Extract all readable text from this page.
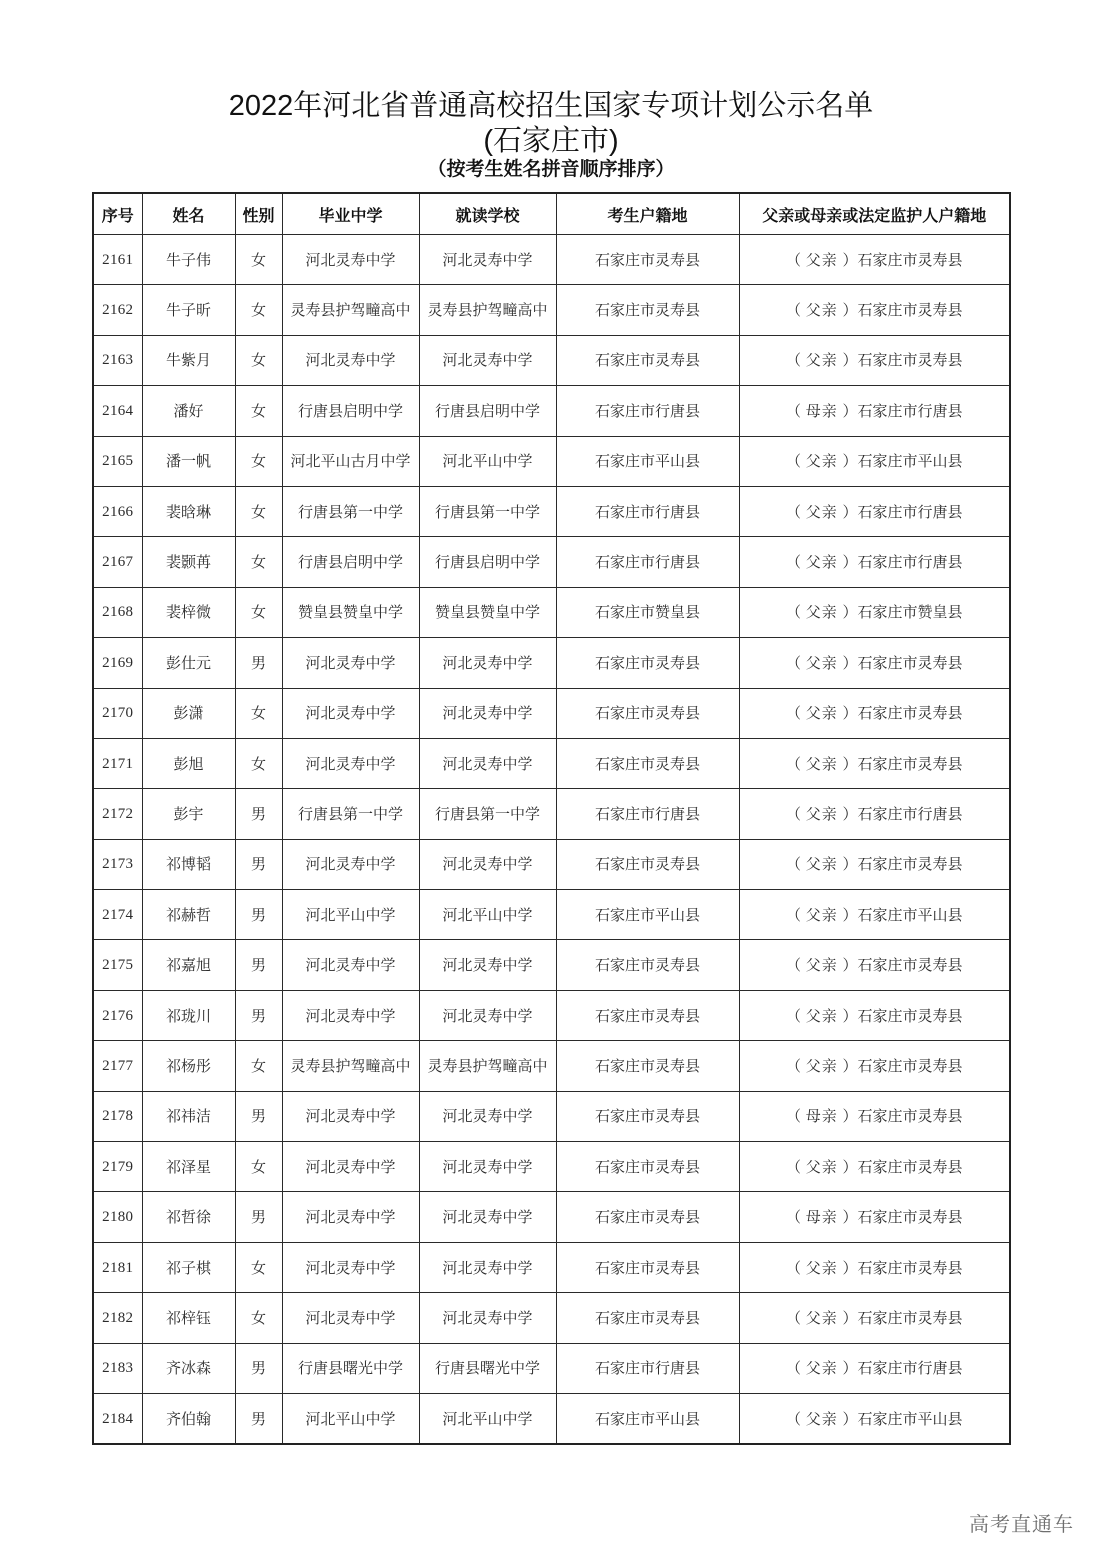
2022年河北省普通高校招生国家专项计划公示名单
(石家庄市)
（按考生姓名拼音顺序排序）
序号	姓名	性别	毕业中学	就读学校	考生户籍地	父亲或母亲或法定监护人户籍地
2161	牛子伟	女	河北灵寿中学	河北灵寿中学	石家庄市灵寿县	（ 父亲 ）石家庄市灵寿县
2162	牛子昕	女	灵寿县护驾疃高中	灵寿县护驾疃高中	石家庄市灵寿县	（ 父亲 ）石家庄市灵寿县
2163	牛紫月	女	河北灵寿中学	河北灵寿中学	石家庄市灵寿县	（ 父亲 ）石家庄市灵寿县
2164	潘好	女	行唐县启明中学	行唐县启明中学	石家庄市行唐县	（ 母亲 ）石家庄市行唐县
2165	潘一帆	女	河北平山古月中学	河北平山中学	石家庄市平山县	（ 父亲 ）石家庄市平山县
2166	裴晗琳	女	行唐县第一中学	行唐县第一中学	石家庄市行唐县	（ 父亲 ）石家庄市行唐县
2167	裴颢苒	女	行唐县启明中学	行唐县启明中学	石家庄市行唐县	（ 父亲 ）石家庄市行唐县
2168	裴梓微	女	赞皇县赞皇中学	赞皇县赞皇中学	石家庄市赞皇县	（ 父亲 ）石家庄市赞皇县
2169	彭仕元	男	河北灵寿中学	河北灵寿中学	石家庄市灵寿县	（ 父亲 ）石家庄市灵寿县
2170	彭潇	女	河北灵寿中学	河北灵寿中学	石家庄市灵寿县	（ 父亲 ）石家庄市灵寿县
2171	彭旭	女	河北灵寿中学	河北灵寿中学	石家庄市灵寿县	（ 父亲 ）石家庄市灵寿县
2172	彭宇	男	行唐县第一中学	行唐县第一中学	石家庄市行唐县	（ 父亲 ）石家庄市行唐县
2173	祁博韬	男	河北灵寿中学	河北灵寿中学	石家庄市灵寿县	（ 父亲 ）石家庄市灵寿县
2174	祁赫哲	男	河北平山中学	河北平山中学	石家庄市平山县	（ 父亲 ）石家庄市平山县
2175	祁嘉旭	男	河北灵寿中学	河北灵寿中学	石家庄市灵寿县	（ 父亲 ）石家庄市灵寿县
2176	祁珑川	男	河北灵寿中学	河北灵寿中学	石家庄市灵寿县	（ 父亲 ）石家庄市灵寿县
2177	祁杨彤	女	灵寿县护驾疃高中	灵寿县护驾疃高中	石家庄市灵寿县	（ 父亲 ）石家庄市灵寿县
2178	祁祎洁	男	河北灵寿中学	河北灵寿中学	石家庄市灵寿县	（ 母亲 ）石家庄市灵寿县
2179	祁泽星	女	河北灵寿中学	河北灵寿中学	石家庄市灵寿县	（ 父亲 ）石家庄市灵寿县
2180	祁哲徐	男	河北灵寿中学	河北灵寿中学	石家庄市灵寿县	（ 母亲 ）石家庄市灵寿县
2181	祁子棋	女	河北灵寿中学	河北灵寿中学	石家庄市灵寿县	（ 父亲 ）石家庄市灵寿县
2182	祁梓钰	女	河北灵寿中学	河北灵寿中学	石家庄市灵寿县	（ 父亲 ）石家庄市灵寿县
2183	齐冰森	男	行唐县曙光中学	行唐县曙光中学	石家庄市行唐县	（ 父亲 ）石家庄市行唐县
2184	齐伯翰	男	河北平山中学	河北平山中学	石家庄市平山县	（ 父亲 ）石家庄市平山县
高考直通车
